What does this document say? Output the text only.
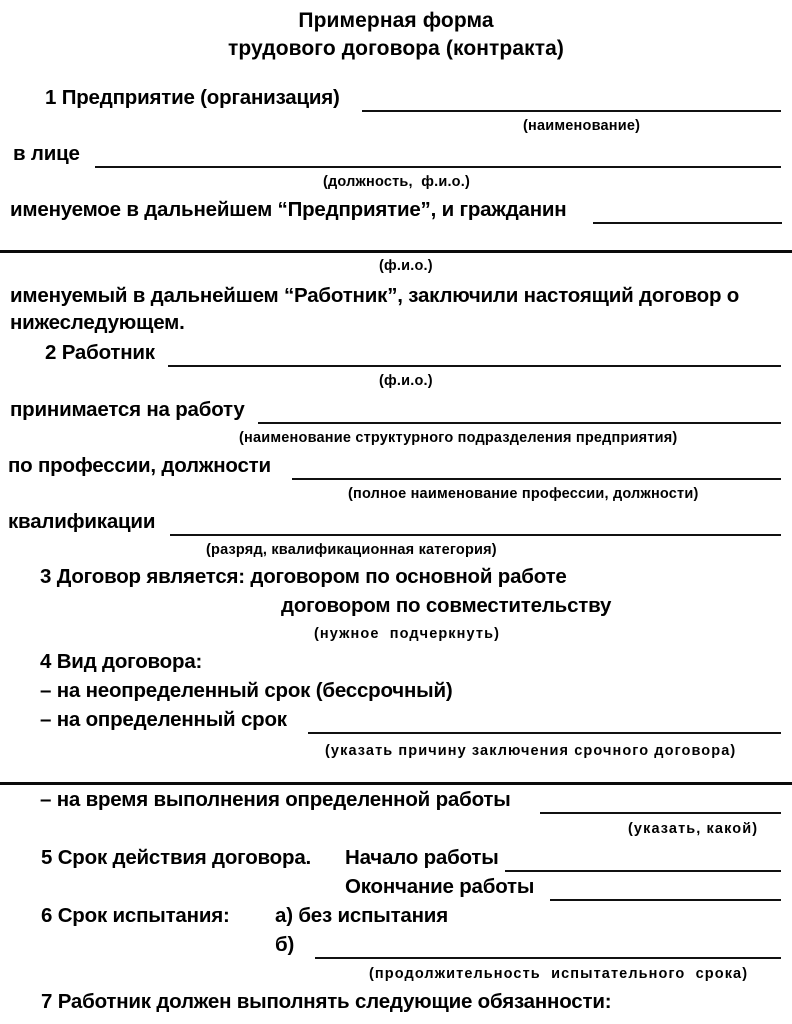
Примерная форма
трудового договора (контракта)
1 Предприятие (организация)
(наименование)
в лице
(должность,  ф.и.о.)
именуемое в дальнейшем “Предприятие”, и гражданин
(ф.и.о.)
именуемый в дальнейшем “Работник”, заключили настоящий договор о
нижеследующем.
2 Работник
(ф.и.о.)
принимается на работу
(наименование структурного подразделения предприятия)
по профессии, должности
(полное наименование профессии, должности)
квалификации
(разряд, квалификационная категория)
3 Договор является: договором по основной работе
договором по совместительству
(нужное  подчеркнуть)
4 Вид договора:
– на неопределенный срок (бессрочный)
– на определенный срок
(указать причину заключения срочного договора)
– на время выполнения определенной работы
(указать, какой)
5 Срок действия договора. Начало работы
Окончание работы
6 Срок испытания: а) без испытания
б)
(продолжительность  испытательного  срока)
7 Работник должен выполнять следующие обязанности:
